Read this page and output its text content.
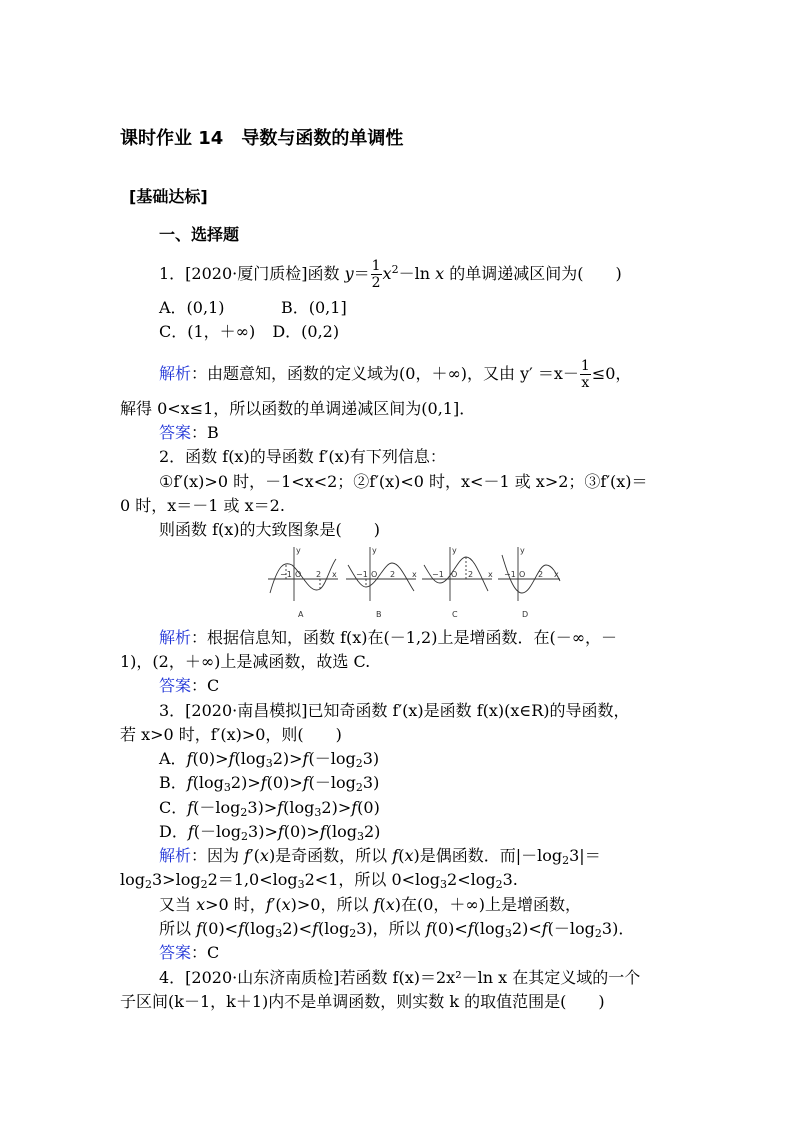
课时作业 14　导数与函数的单调性
[基础达标]
一、选择题
1．[2020·厦门质检]函数 $y= \frac{1}{2} x^2-\ln$ x 的单调递减区间为(　　)
A．(0,1)	B．(0,1]
C．(1，＋∞) D．(0,2)
解析：由题意知，函数的定义域为(0，＋∞)，又由 $y' =x- \frac{1}{x} \le 0$，
解得 0<x≤1，所以函数的单调递减区间为(0,1]．
答案：B
2．函数 f(x)的导函数 f′(x)有下列信息：
①f′(x)>0 时，－1<x<2；②f′(x)<0 时，x<－1 或 x>2；③f′(x)＝
0 时，x＝－1 或 x＝2.
则函数 f(x)的大致图象是(　　)
y	y	y	y
−1 O 2 x −1 O 2 x −1 O 2 x −1 O 2 x
A	B	C	D
解析：根据信息知，函数 f(x)在(－1,2)上是增函数．在(－∞，－
1)，(2，＋∞)上是减函数，故选 C.
答案：C
3．[2020·南昌模拟]已知奇函数 f′(x)是函数 f(x)(x∈R)的导函数，
若 x>0 时，f′(x)>0，则(　　)
A．$f(0)>f(\log_32)>f(-\log_23)$
B．$f(\log_32)>f(0)>f(-\log_23)$
C．$f(-\log_23)>f(\log_32)>f(0)$
D．$f(-\log_23)>f(0)>f(\log_32)$
解析：因为 f′(x)是奇函数，所以 f(x)是偶函数．而$|-\log_23|=$
$\log_23>\log_22=1,0<\log_32<1$，所以 $0<\log_32<\log_23$.
又当 x>0 时，f′(x)>0，所以 f(x)在(0，＋∞)上是增函数，
所以 $f(0)<f(\log_32)<f(\log_23)$，所以 $f(0)<f(\log_32)<f(-\log_23)$．
答案：C
4．[2020·山东济南质检]若函数 f(x)＝2x²－ln x 在其定义域的一个
子区间(k－1，k＋1)内不是单调函数，则实数 k 的取值范围是(　　)
